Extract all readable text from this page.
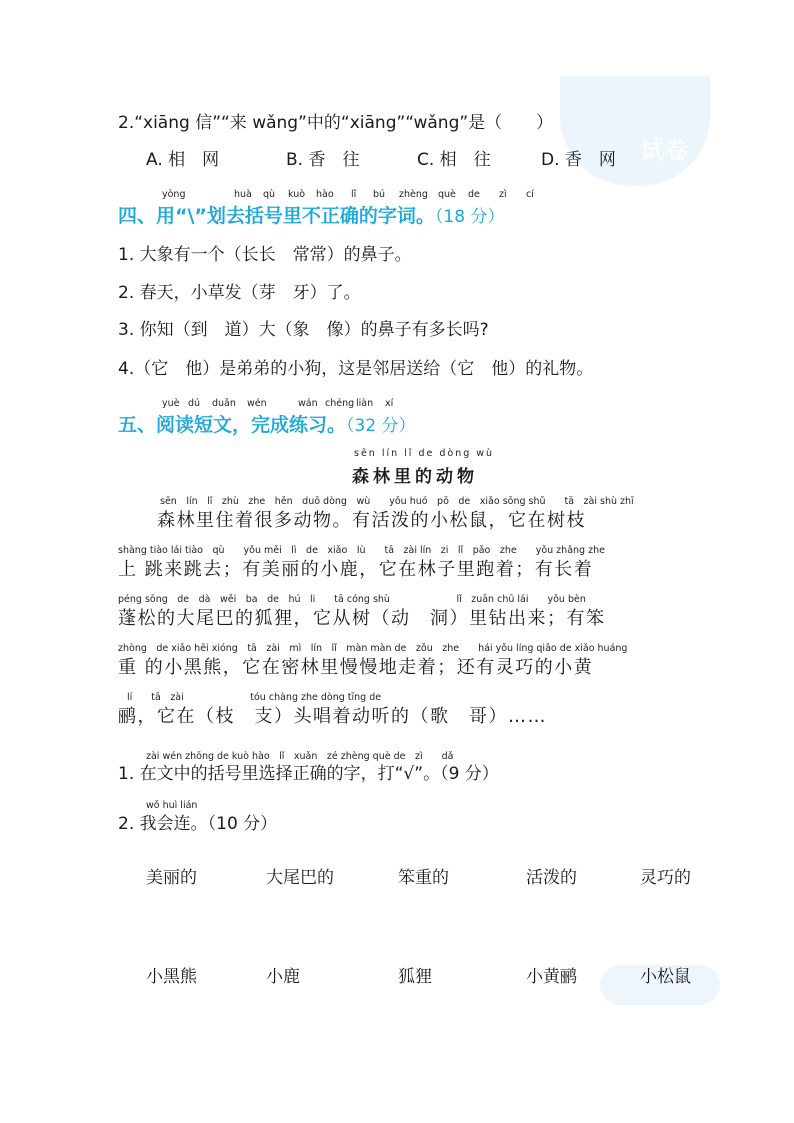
试卷
2.“xiāng 信”“来 wǎng”中的“xiāng”“wǎng”是（　　）
A. 相　网	B. 香　往	C. 相　往	D. 香　网
yòng	huà qù kuò hào lǐ bú zhèng què de zì cí
四、用“\”划去括号里不正确的字词。（18 分）
1. 大象有一个（长长　常常）的鼻子。
2. 春天，小草发（芽　牙）了。
3. 你知（到　道）大（象　像）的鼻子有多长吗?
4.（它　他）是弟弟的小狗，这是邻居送给（它　他）的礼物。
yuè dú duǎn wén	wán chéng liàn xí
五、阅读短文，完成练习。（32 分）
sēn lín lǐ de dòng wù
森林里的动物
sēn　lín　lǐ　zhù　zhe　hěn　duō dòng　wù　　yǒu huó　pō　de　xiǎo sōng shǔ　　tā　zài shù zhī
　　森林里住着很多动物。有活泼的小松鼠，它在树枝
shàng tiào lái tiào　qù　　yǒu měi　lì　de　xiǎo　lù　　tā　zài lín　zi　lǐ　pǎo　zhe　　yǒu zhǎng zhe
上 跳来跳去；有美丽的小鹿，它在林子里跑着；有长着
péng sōng　de　dà　wěi　ba　de　hú　li　　tā cóng shù　　　　　　　lǐ　zuān chū lái　　yǒu bèn
蓬松的大尾巴的狐狸，它从树（动　洞）里钻出来；有笨
zhòng　de xiǎo hēi xióng　tā　zài　mì　lín　lǐ　màn màn de　zǒu　zhe　　hái yǒu líng qiǎo de xiǎo huáng
重 的小黑熊，它在密林里慢慢地走着；还有灵巧的小黄
lí　　tā　zài　　　　　　　tóu chàng zhe dòng tīng de
鹂，它在（枝　支）头唱着动听的（歌　哥）……
zài wén zhōng de kuò hào　lǐ　xuǎn　zé zhèng què de　zì　　dǎ
1. 在文中的括号里选择正确的字，打“√”。（9 分）
wǒ huì lián
2. 我会连。（10 分）
美丽的	大尾巴的	笨重的	活泼的	灵巧的
小黑熊	小鹿	狐狸	小黄鹂	小松鼠
